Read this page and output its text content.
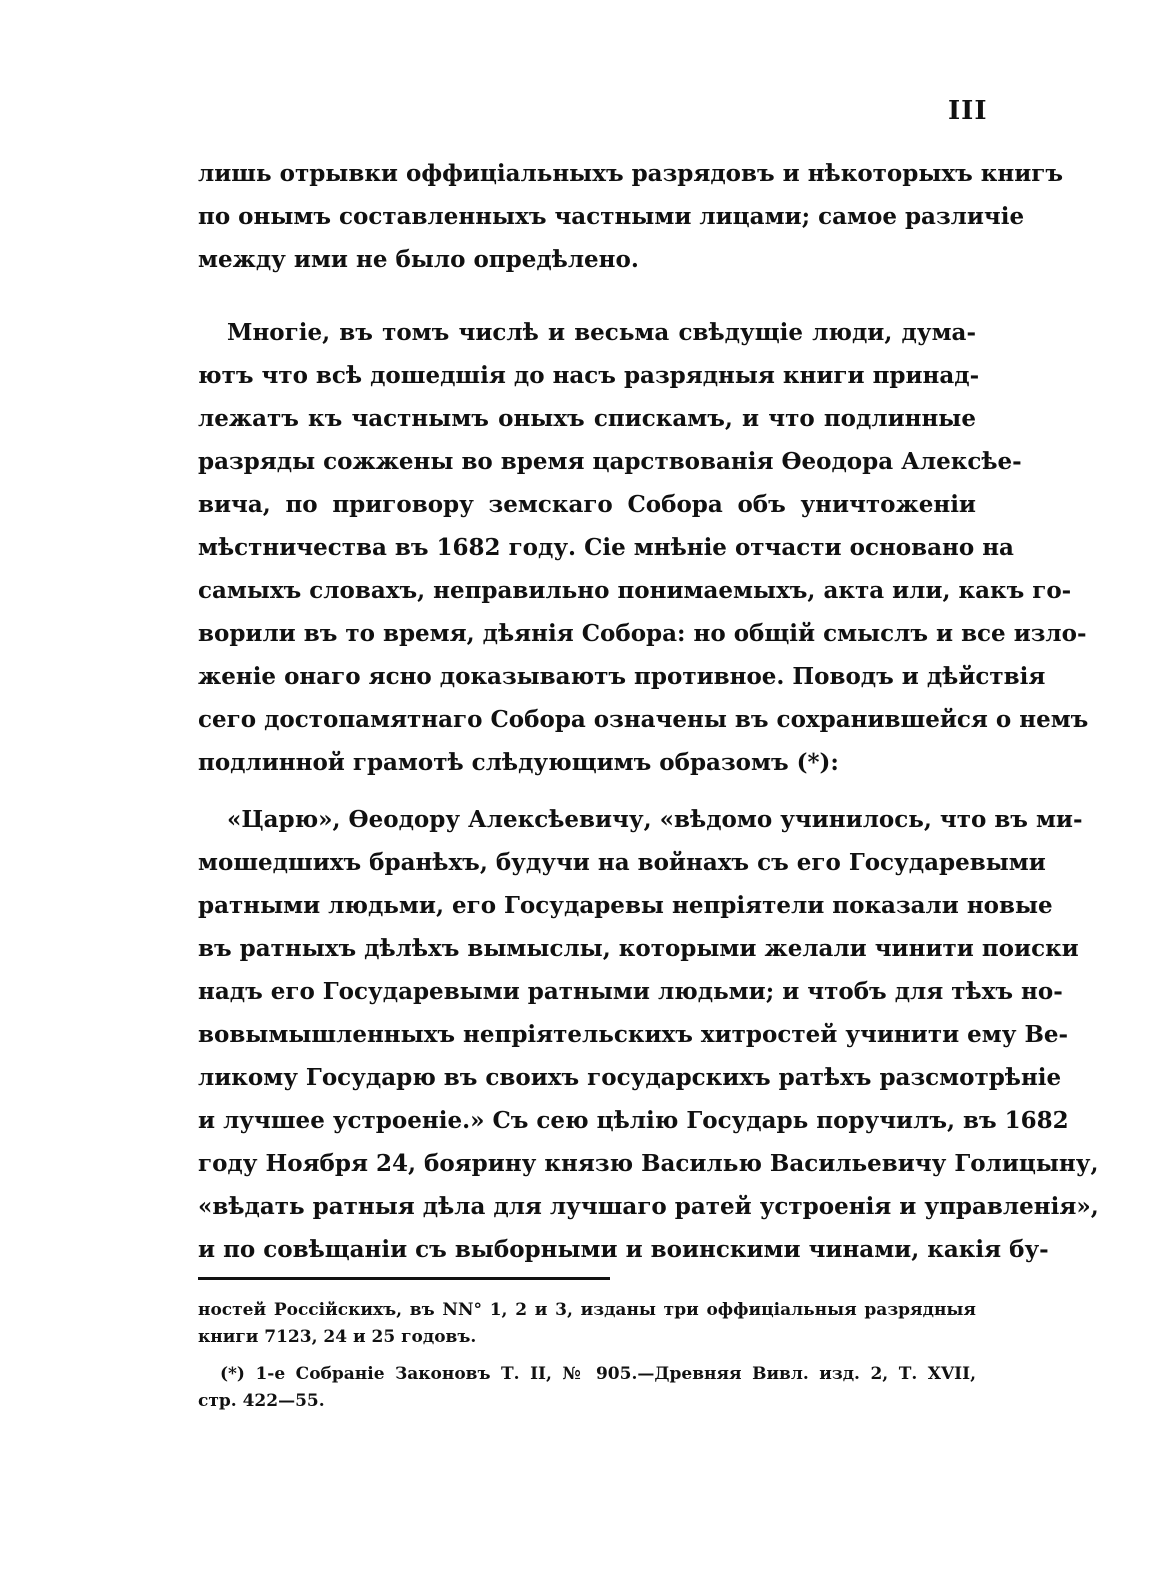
III
лишь отрывки оффиціальныхъ разрядовъ и нѣкоторыхъ книгъ
по онымъ составленныхъ частными лицами; самое различіе
между ими не было опредѣлено.
Многіе, въ томъ числѣ и весьма свѣдущіе люди, дума-
ютъ что всѣ дошедшія до насъ разрядныя книги принад-
лежатъ къ частнымъ оныхъ спискамъ, и что подлинные
разряды сожжены во время царствованія Ѳеодора Алексѣе-
вича, по приговору земскаго Собора объ уничтоженіи
мѣстничества въ 1682 году. Сіе мнѣніе отчасти основано на
самыхъ словахъ, неправильно понимаемыхъ, акта или, какъ го-
ворили въ то время, дѣянія Собора: но общій смыслъ и все изло-
женіе онаго ясно доказываютъ противное. Поводъ и дѣйствія
сего достопамятнаго Собора означены въ сохранившейся о немъ
подлинной грамотѣ слѣдующимъ образомъ (*):
«Царю», Ѳеодору Алексѣевичу, «вѣдомо учинилось, что въ ми-
мошедшихъ бранѣхъ, будучи на войнахъ съ его Государевыми
ратными людьми, его Государевы непріятели показали новые
въ ратныхъ дѣлѣхъ вымыслы, которыми желали чинити поиски
надъ его Государевыми ратными людьми; и чтобъ для тѣхъ но-
вовымышленныхъ непріятельскихъ хитростей учинити ему Ве-
ликому Государю въ своихъ государскихъ ратѣхъ разсмотрѣніе
и лучшее устроеніе.» Съ сею цѣлію Государь поручилъ, въ 1682
году Ноября 24, боярину князю Василью Васильевичу Голицыну,
«вѣдать ратныя дѣла для лучшаго ратей устроенія и управленія»,
и по совѣщаніи съ выборными и воинскими чинами, какія бу-
ностей Россійскихъ, въ NN° 1, 2 и 3, изданы три оффиціальныя разрядныя
книги 7123, 24 и 25 годовъ.
(*) 1-е Собраніе Законовъ Т. II, № 905.—Древняя Вивл. изд. 2, Т. XVII,
стр. 422—55.
